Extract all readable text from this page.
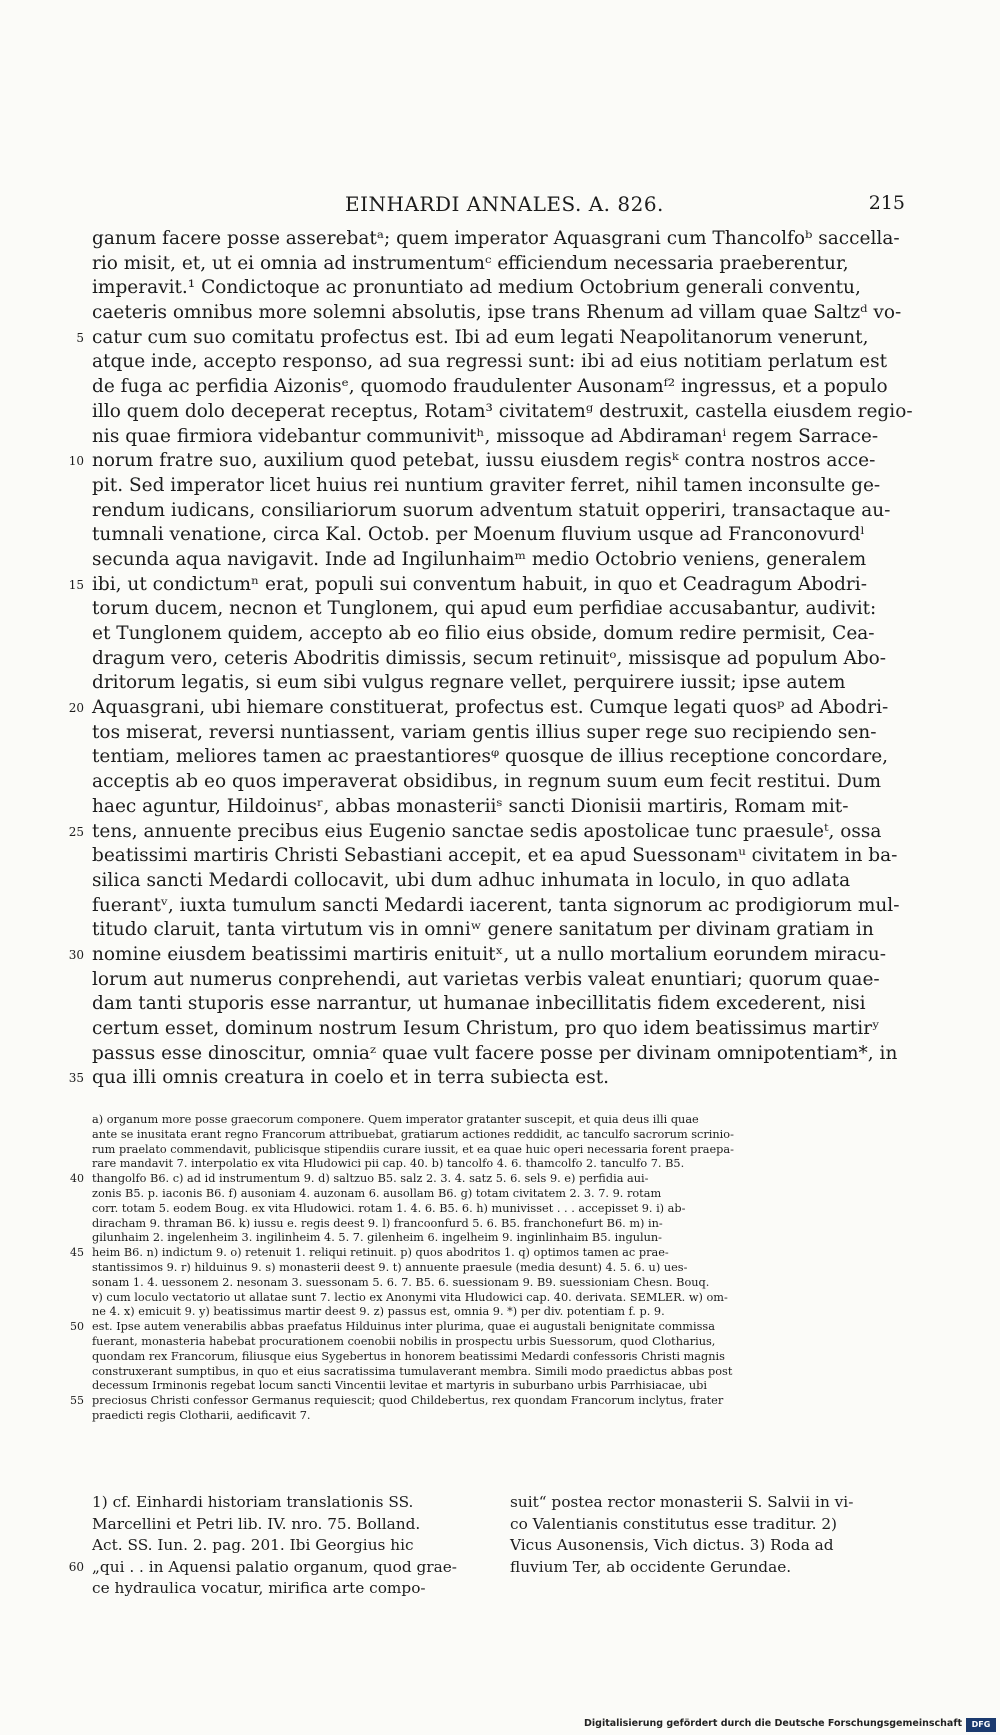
EINHARDI ANNALES. A. 826.	215
ganum facere posse asserebatᵃ; quem imperator Aquasgrani cum Thancolfoᵇ saccella-
rio misit, et, ut ei omnia ad instrumentumᶜ efficiendum necessaria praeberentur,
imperavit.¹ Condictoque ac pronuntiato ad medium Octobrium generali conventu,
caeteris omnibus more solemni absolutis, ipse trans Rhenum ad villam quae Saltzᵈ vo-
5 catur cum suo comitatu profectus est. Ibi ad eum legati Neapolitanorum venerunt,
atque inde, accepto responso, ad sua regressi sunt: ibi ad eius notitiam perlatum est
de fuga ac perfidia Aizonisᵉ, quomodo fraudulenter Ausonamᶠ² ingressus, et a populo
illo quem dolo deceperat receptus, Rotam³ civitatemᵍ destruxit, castella eiusdem regio-
nis quae firmiora videbantur communivitʰ, missoque ad Abdiramanⁱ regem Sarrace-
10 norum fratre suo, auxilium quod petebat, iussu eiusdem regisᵏ contra nostros acce-
pit. Sed imperator licet huius rei nuntium graviter ferret, nihil tamen inconsulte ge-
rendum iudicans, consiliariorum suorum adventum statuit opperiri, transactaque au-
tumnali venatione, circa Kal. Octob. per Moenum fluvium usque ad Franconovurdˡ
secunda aqua navigavit. Inde ad Ingilunhaimᵐ medio Octobrio veniens, generalem
15 ibi, ut condictumⁿ erat, populi sui conventum habuit, in quo et Ceadragum Abodri-
torum ducem, necnon et Tunglonem, qui apud eum perfidiae accusabantur, audivit:
et Tunglonem quidem, accepto ab eo filio eius obside, domum redire permisit, Cea-
dragum vero, ceteris Abodritis dimissis, secum retinuitᵒ, missisque ad populum Abo-
dritorum legatis, si eum sibi vulgus regnare vellet, perquirere iussit; ipse autem
20 Aquasgrani, ubi hiemare constituerat, profectus est. Cumque legati quosᵖ ad Abodri-
tos miserat, reversi nuntiassent, variam gentis illius super rege suo recipiendo sen-
tentiam, meliores tamen ac praestantioresᵠ quosque de illius receptione concordare,
acceptis ab eo quos imperaverat obsidibus, in regnum suum eum fecit restitui. Dum
haec aguntur, Hildoinusʳ, abbas monasteriiˢ sancti Dionisii martiris, Romam mit-
25 tens, annuente precibus eius Eugenio sanctae sedis apostolicae tunc praesuleᵗ, ossa
beatissimi martiris Christi Sebastiani accepit, et ea apud Suessonamᵘ civitatem in ba-
silica sancti Medardi collocavit, ubi dum adhuc inhumata in loculo, in quo adlata
fuerantᵛ, iuxta tumulum sancti Medardi iacerent, tanta signorum ac prodigiorum mul-
titudo claruit, tanta virtutum vis in omniʷ genere sanitatum per divinam gratiam in
30 nomine eiusdem beatissimi martiris enituitˣ, ut a nullo mortalium eorundem miracu-
lorum aut numerus conprehendi, aut varietas verbis valeat enuntiari; quorum quae-
dam tanti stuporis esse narrantur, ut humanae inbecillitatis fidem excederent, nisi
certum esset, dominum nostrum Iesum Christum, pro quo idem beatissimus martirʸ
passus esse dinoscitur, omniaᶻ quae vult facere posse per divinam omnipotentiam*, in
35 qua illi omnis creatura in coelo et in terra subiecta est.
a) organum more posse graecorum componere. Quem imperator gratanter suscepit, et quia deus illi quae
ante se inusitata erant regno Francorum attribuebat, gratiarum actiones reddidit, ac tanculfo sacrorum scrinio-
rum praelato commendavit, publicisque stipendiis curare iussit, et ea quae huic operi necessaria forent praepa-
rare mandavit 7. interpolatio ex vita Hludowici pii cap. 40. b) tancolfo 4. 6. thamcolfo 2. tanculfo 7. B5.
40 thangolfo B6. c) ad id instrumentum 9. d) saltzuo B5. salz 2. 3. 4. satz 5. 6. sels 9. e) perfidia aui-
zonis B5. p. iaconis B6. f) ausoniam 4. auzonam 6. ausollam B6. g) totam civitatem 2. 3. 7. 9. rotam
corr. totam 5. eodem Boug. ex vita Hludowici. rotam 1. 4. 6. B5. 6. h) munivisset . . . accepisset 9. i) ab-
diracham 9. thraman B6. k) iussu e. regis deest 9. l) francoonfurd 5. 6. B5. franchonefurt B6. m) in-
gilunhaim 2. ingelenheim 3. ingilinheim 4. 5. 7. gilenheim 6. ingelheim 9. inginlinhaim B5. ingulun-
45 heim B6. n) indictum 9. o) retenuit 1. reliqui retinuit. p) quos abodritos 1. q) optimos tamen ac prae-
stantissimos 9. r) hilduinus 9. s) monasterii deest 9. t) annuente praesule (media desunt) 4. 5. 6. u) ues-
sonam 1. 4. uessonem 2. nesonam 3. suessonam 5. 6. 7. B5. 6. suessionam 9. B9. suessioniam Chesn. Bouq.
v) cum loculo vectatorio ut allatae sunt 7. lectio ex Anonymi vita Hludowici cap. 40. derivata. SEMLER. w) om-
ne 4. x) emicuit 9. y) beatissimus martir deest 9. z) passus est, omnia 9. *) per div. potentiam f. p. 9.
50 est. Ipse autem venerabilis abbas praefatus Hilduinus inter plurima, quae ei augustali benignitate commissa
fuerant, monasteria habebat procurationem coenobii nobilis in prospectu urbis Suessorum, quod Clotharius,
quondam rex Francorum, filiusque eius Sygebertus in honorem beatissimi Medardi confessoris Christi magnis
construxerant sumptibus, in quo et eius sacratissima tumulaverant membra. Simili modo praedictus abbas post
decessum Irminonis regebat locum sancti Vincentii levitae et martyris in suburbano urbis Parrhisiacae, ubi
55 preciosus Christi confessor Germanus requiescit; quod Childebertus, rex quondam Francorum inclytus, frater
praedicti regis Clotharii, aedificavit 7.
1) cf. Einhardi historiam translationis SS.
Marcellini et Petri lib. IV. nro. 75. Bolland.
Act. SS. Iun. 2. pag. 201. Ibi Georgius hic
60 „qui . . in Aquensi palatio organum, quod grae-
ce hydraulica vocatur, mirifica arte compo-
suit“ postea rector monasterii S. Salvii in vi-
co Valentianis constitutus esse traditur. 2)
Vicus Ausonensis, Vich dictus. 3) Roda ad
fluvium Ter, ab occidente Gerundae.
Digitalisierung gefördert durch die Deutsche Forschungsgemeinschaft	DFG
